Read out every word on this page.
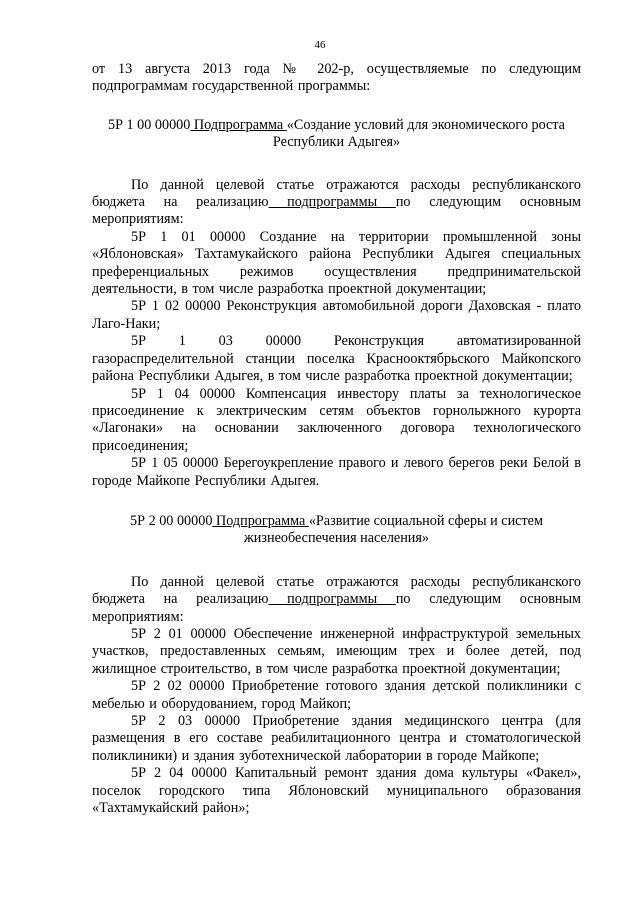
46

от 13 августа 2013 года № 202-р, осуществляемые по следующим подпрограммам государственной программы:

5Р 1 00 00000 Подпрограмма «Создание условий для экономического роста Республики Адыгея»

По данной целевой статье отражаются расходы республиканского бюджета на реализацию подпрограммы по следующим основным мероприятиям:

5Р 1 01 00000 Создание на территории промышленной зоны «Яблоновская» Тахтамукайского района Республики Адыгея специальных преференциальных режимов осуществления предпринимательской деятельности, в том числе разработка проектной документации;

5Р 1 02 00000 Реконструкция автомобильной дороги Даховская - плато Лаго-Наки;

5Р 1 03 00000 Реконструкция автоматизированной газораспределительной станции поселка Краснооктябрьского Майкопского района Республики Адыгея, в том числе разработка проектной документации;

5Р 1 04 00000 Компенсация инвестору платы за технологическое присоединение к электрическим сетям объектов горнолыжного курорта «Лагонаки» на основании заключенного договора технологического присоединения;

5Р 1 05 00000 Берегоукрепление правого и левого берегов реки Белой в городе Майкопе Республики Адыгея.

5Р 2 00 00000 Подпрограмма «Развитие социальной сферы и систем жизнеобеспечения населения»

По данной целевой статье отражаются расходы республиканского бюджета на реализацию подпрограммы по следующим основным мероприятиям:

5Р 2 01 00000 Обеспечение инженерной инфраструктурой земельных участков, предоставленных семьям, имеющим трех и более детей, под жилищное строительство, в том числе разработка проектной документации;

5Р 2 02 00000 Приобретение готового здания детской поликлиники с мебелью и оборудованием, город Майкоп;

5Р 2 03 00000 Приобретение здания медицинского центра (для размещения в его составе реабилитационного центра и стоматологической поликлиники) и здания зуботехнической лаборатории в городе Майкопе;

5Р 2 04 00000 Капитальный ремонт здания дома культуры «Факел», поселок городского типа Яблоновский муниципального образования «Тахтамукайский район»;
